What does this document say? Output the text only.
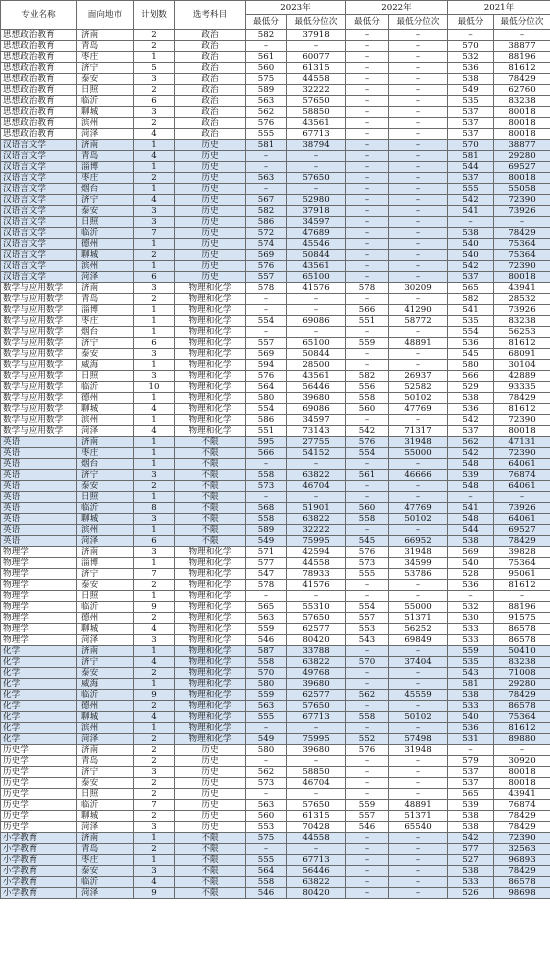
专业名称	面向地市	计划数	选考科目	2023年		2022年		2021年	
				最低分	最低分位次	最低分	最低分位次	最低分	最低分位次
思想政治教育	济南	2	政治	582	37918	–	–	–	–
思想政治教育	青岛	2	政治	–	–	–	–	570	38877
思想政治教育	枣庄	1	政治	561	60077	–	–	532	88196
思想政治教育	济宁	5	政治	560	61315	–	–	536	81612
思想政治教育	泰安	3	政治	575	44558	–	–	538	78429
思想政治教育	日照	2	政治	589	32222	–	–	549	62760
思想政治教育	临沂	6	政治	563	57650	–	–	535	83238
思想政治教育	聊城	3	政治	562	58850	–	–	537	80018
思想政治教育	滨州	2	政治	576	43561	–	–	537	80018
思想政治教育	菏泽	4	政治	555	67713	–	–	537	80018
汉语言文学	济南	1	历史	581	38794	–	–	570	38877
汉语言文学	青岛	4	历史	–	–	–	–	581	29280
汉语言文学	淄博	1	历史	–	–	–	–	544	69527
汉语言文学	枣庄	2	历史	563	57650	–	–	537	80018
汉语言文学	烟台	1	历史	–	–	–	–	555	55058
汉语言文学	济宁	4	历史	567	52980	–	–	542	72390
汉语言文学	泰安	3	历史	582	37918	–	–	541	73926
汉语言文学	日照	3	历史	586	34597	–	–	–	–
汉语言文学	临沂	7	历史	572	47689	–	–	538	78429
汉语言文学	德州	1	历史	574	45546	–	–	540	75364
汉语言文学	聊城	2	历史	569	50844	–	–	540	75364
汉语言文学	滨州	1	历史	576	43561	–	–	542	72390
汉语言文学	菏泽	6	历史	557	65100	–	–	537	80018
数学与应用数学	济南	3	物理和化学	578	41576	578	30209	565	43941
数学与应用数学	青岛	2	物理和化学	–	–	–	–	582	28532
数学与应用数学	淄博	1	物理和化学	–	–	566	41290	541	73926
数学与应用数学	枣庄	1	物理和化学	554	69086	551	58772	535	83238
数学与应用数学	烟台	1	物理和化学	–	–	–	–	554	56253
数学与应用数学	济宁	6	物理和化学	557	65100	559	48891	536	81612
数学与应用数学	泰安	3	物理和化学	569	50844	–	–	545	68091
数学与应用数学	威海	1	物理和化学	594	28500	–	–	580	30104
数学与应用数学	日照	3	物理和化学	576	43561	582	26937	566	42889
数学与应用数学	临沂	10	物理和化学	564	56446	556	52582	529	93335
数学与应用数学	德州	1	物理和化学	580	39680	558	50102	538	78429
数学与应用数学	聊城	4	物理和化学	554	69086	560	47769	536	81612
数学与应用数学	滨州	1	物理和化学	586	34597	–	–	542	72390
数学与应用数学	菏泽	4	物理和化学	551	73143	542	71317	537	80018
英语	济南	1	不限	595	27755	576	31948	562	47131
英语	枣庄	1	不限	566	54152	554	55000	542	72390
英语	烟台	1	不限	–	–	–	–	548	64061
英语	济宁	3	不限	558	63822	561	46666	539	76874
英语	泰安	2	不限	573	46704	–	–	548	64061
英语	日照	1	不限	–	–	–	–	–	–
英语	临沂	8	不限	568	51901	560	47769	541	73926
英语	聊城	3	不限	558	63822	558	50102	548	64061
英语	滨州	1	不限	589	32222	–	–	544	69527
英语	菏泽	6	不限	549	75995	545	66952	538	78429
物理学	济南	3	物理和化学	571	42594	576	31948	569	39828
物理学	淄博	1	物理和化学	577	44558	573	34599	540	75364
物理学	济宁	7	物理和化学	547	78933	555	53786	528	95061
物理学	泰安	2	物理和化学	578	41576	–	–	536	81612
物理学	日照	1	物理和化学	–	–	–	–	–	–
物理学	临沂	9	物理和化学	565	55310	554	55000	532	88196
物理学	德州	2	物理和化学	563	57650	557	51371	530	91575
物理学	聊城	4	物理和化学	559	62577	553	56252	533	86578
物理学	菏泽	3	物理和化学	546	80420	543	69849	533	86578
化学	济南	1	物理和化学	587	33788	–	–	559	50410
化学	济宁	4	物理和化学	558	63822	570	37404	535	83238
化学	泰安	2	物理和化学	570	49768	–	–	543	71008
化学	威海	1	物理和化学	580	39680	–	–	581	29280
化学	临沂	9	物理和化学	559	62577	562	45559	538	78429
化学	德州	2	物理和化学	563	57650	–	–	533	86578
化学	聊城	4	物理和化学	555	67713	558	50102	540	75364
化学	滨州	1	物理和化学	–	–	–	–	536	81612
化学	菏泽	2	物理和化学	549	75995	552	57498	531	89880
历史学	济南	2	历史	580	39680	576	31948	–	–
历史学	青岛	2	历史	–	–	–	–	579	30920
历史学	济宁	3	历史	562	58850	–	–	537	80018
历史学	泰安	2	历史	573	46704	–	–	537	80018
历史学	日照	2	历史	–	–	–	–	565	43941
历史学	临沂	7	历史	563	57650	559	48891	539	76874
历史学	聊城	2	历史	560	61315	557	51371	538	78429
历史学	菏泽	3	历史	553	70428	546	65540	538	78429
小学教育	济南	1	不限	575	44558	–	–	542	72390
小学教育	青岛	2	不限	–	–	–	–	577	32563
小学教育	枣庄	1	不限	555	67713	–	–	527	96893
小学教育	泰安	3	不限	564	56446	–	–	538	78429
小学教育	临沂	4	不限	558	63822	–	–	533	86578
小学教育	菏泽	9	不限	546	80420	–	–	526	98698
